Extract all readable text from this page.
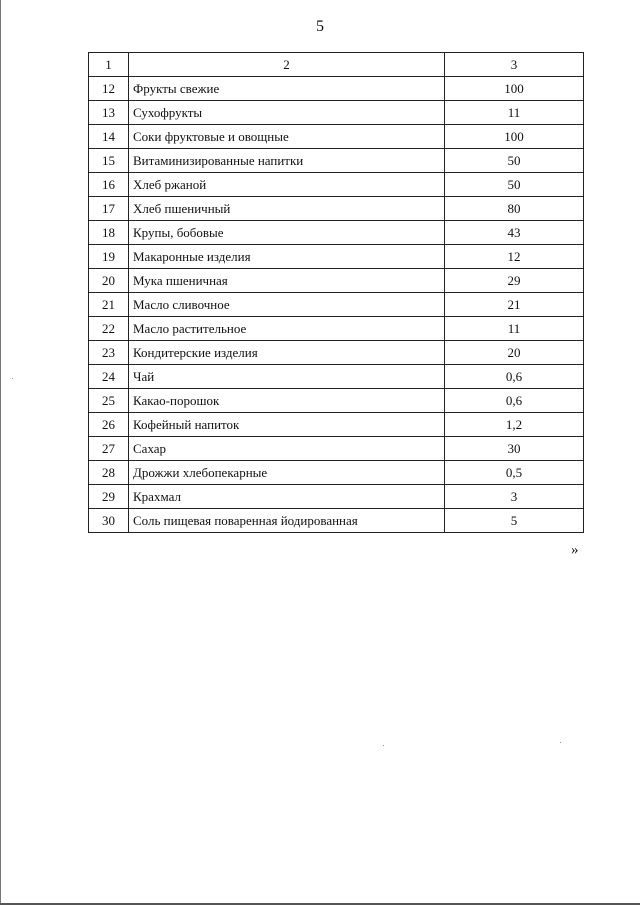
5
1	2	3
12	Фрукты свежие	100
13	Сухофрукты	11
14	Соки фруктовые и овощные	100
15	Витаминизированные напитки	50
16	Хлеб ржаной	50
17	Хлеб пшеничный	80
18	Крупы, бобовые	43
19	Макаронные изделия	12
20	Мука пшеничная	29
21	Масло сливочное	21
22	Масло растительное	11
23	Кондитерские изделия	20
24	Чай	0,6
25	Какао-порошок	0,6
26	Кофейный напиток	1,2
27	Сахар	30
28	Дрожжи хлебопекарные	0,5
29	Крахмал	3
30	Соль пищевая поваренная йодированная	5
»
